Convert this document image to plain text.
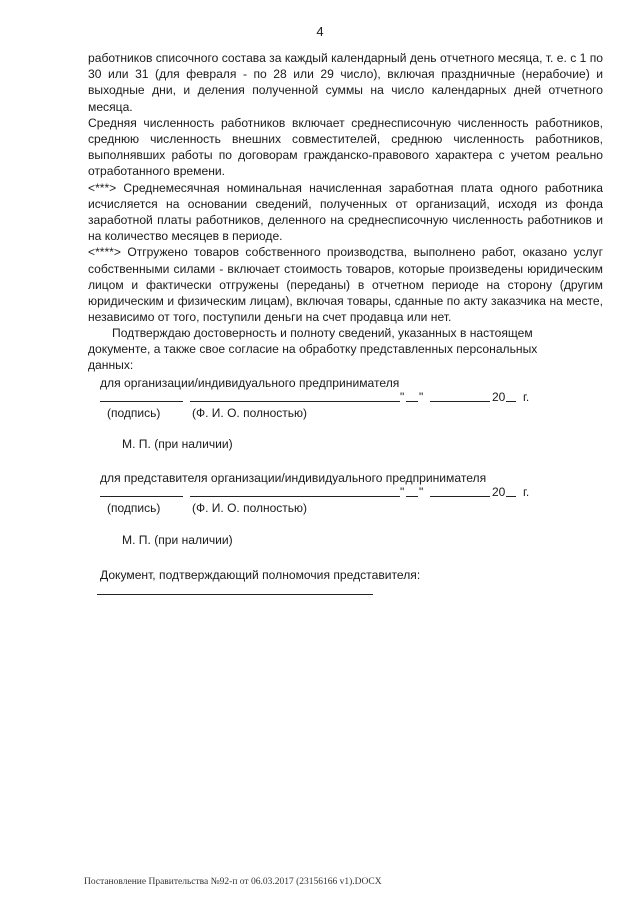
4

работников списочного состава за каждый календарный день отчетного месяца, т. е. с 1 по 30 или 31 (для февраля - по 28 или 29 число), включая праздничные (нерабочие) и выходные дни, и деления полученной суммы на число календарных дней отчетного месяца.

Средняя численность работников включает среднесписочную численность работников, среднюю численность внешних совместителей, среднюю численность работников, выполнявших работы по договорам гражданско-правового характера с учетом реально отработанного времени.

<***> Среднемесячная номинальная начисленная заработная плата одного работника исчисляется на основании сведений, полученных от организаций, исходя из фонда заработной платы работников, деленного на среднесписочную численность работников и на количество месяцев в периоде.

<****> Отгружено товаров собственного производства, выполнено работ, оказано услуг собственными силами - включает стоимость товаров, которые произведены юридическим лицом и фактически отгружены (переданы) в отчетном периоде на сторону (другим юридическим и физическим лицам), включая товары, сданные по акту заказчика на месте, независимо от того, поступили деньги на счет продавца или нет.

Подтверждаю достоверность и полноту сведений, указанных в настоящем документе, а также свое согласие на обработку представленных персональных данных:

для организации/индивидуального предпринимателя
" "	20 г.
(подпись)	(Ф. И. О. полностью)
М. П. (при наличии)
для представителя организации/индивидуального предпринимателя
" "	20 г.
(подпись)	(Ф. И. О. полностью)
М. П. (при наличии)
Документ, подтверждающий полномочия представителя:
Постановление Правительства №92-п от 06.03.2017 (23156166 v1).DOCX
